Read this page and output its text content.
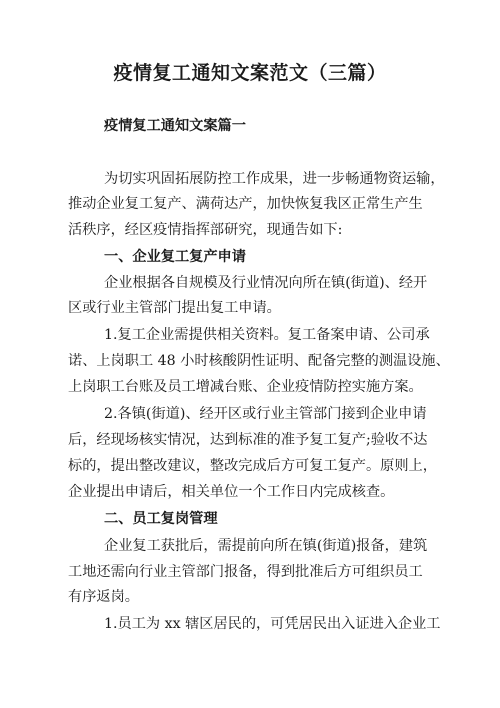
疫情复工通知文案范文（三篇）
疫情复工通知文案篇一
为切实巩固拓展防控工作成果，进一步畅通物资运输，
推动企业复工复产、满荷达产，加快恢复我区正常生产生
活秩序，经区疫情指挥部研究，现通告如下:
一、企业复工复产申请
企业根据各自规模及行业情况向所在镇(街道)、经开
区或行业主管部门提出复工申请。
1.复工企业需提供相关资料。复工备案申请、公司承
诺、上岗职工 48 小时核酸阴性证明、配备完整的测温设施、
上岗职工台账及员工增减台账、企业疫情防控实施方案。
2.各镇(街道)、经开区或行业主管部门接到企业申请
后，经现场核实情况，达到标准的准予复工复产;验收不达
标的，提出整改建议，整改完成后方可复工复产。原则上，
企业提出申请后，相关单位一个工作日内完成核查。
二、员工复岗管理
企业复工获批后，需提前向所在镇(街道)报备，建筑
工地还需向行业主管部门报备，得到批准后方可组织员工
有序返岗。
1.员工为 xx 辖区居民的，可凭居民出入证进入企业工
